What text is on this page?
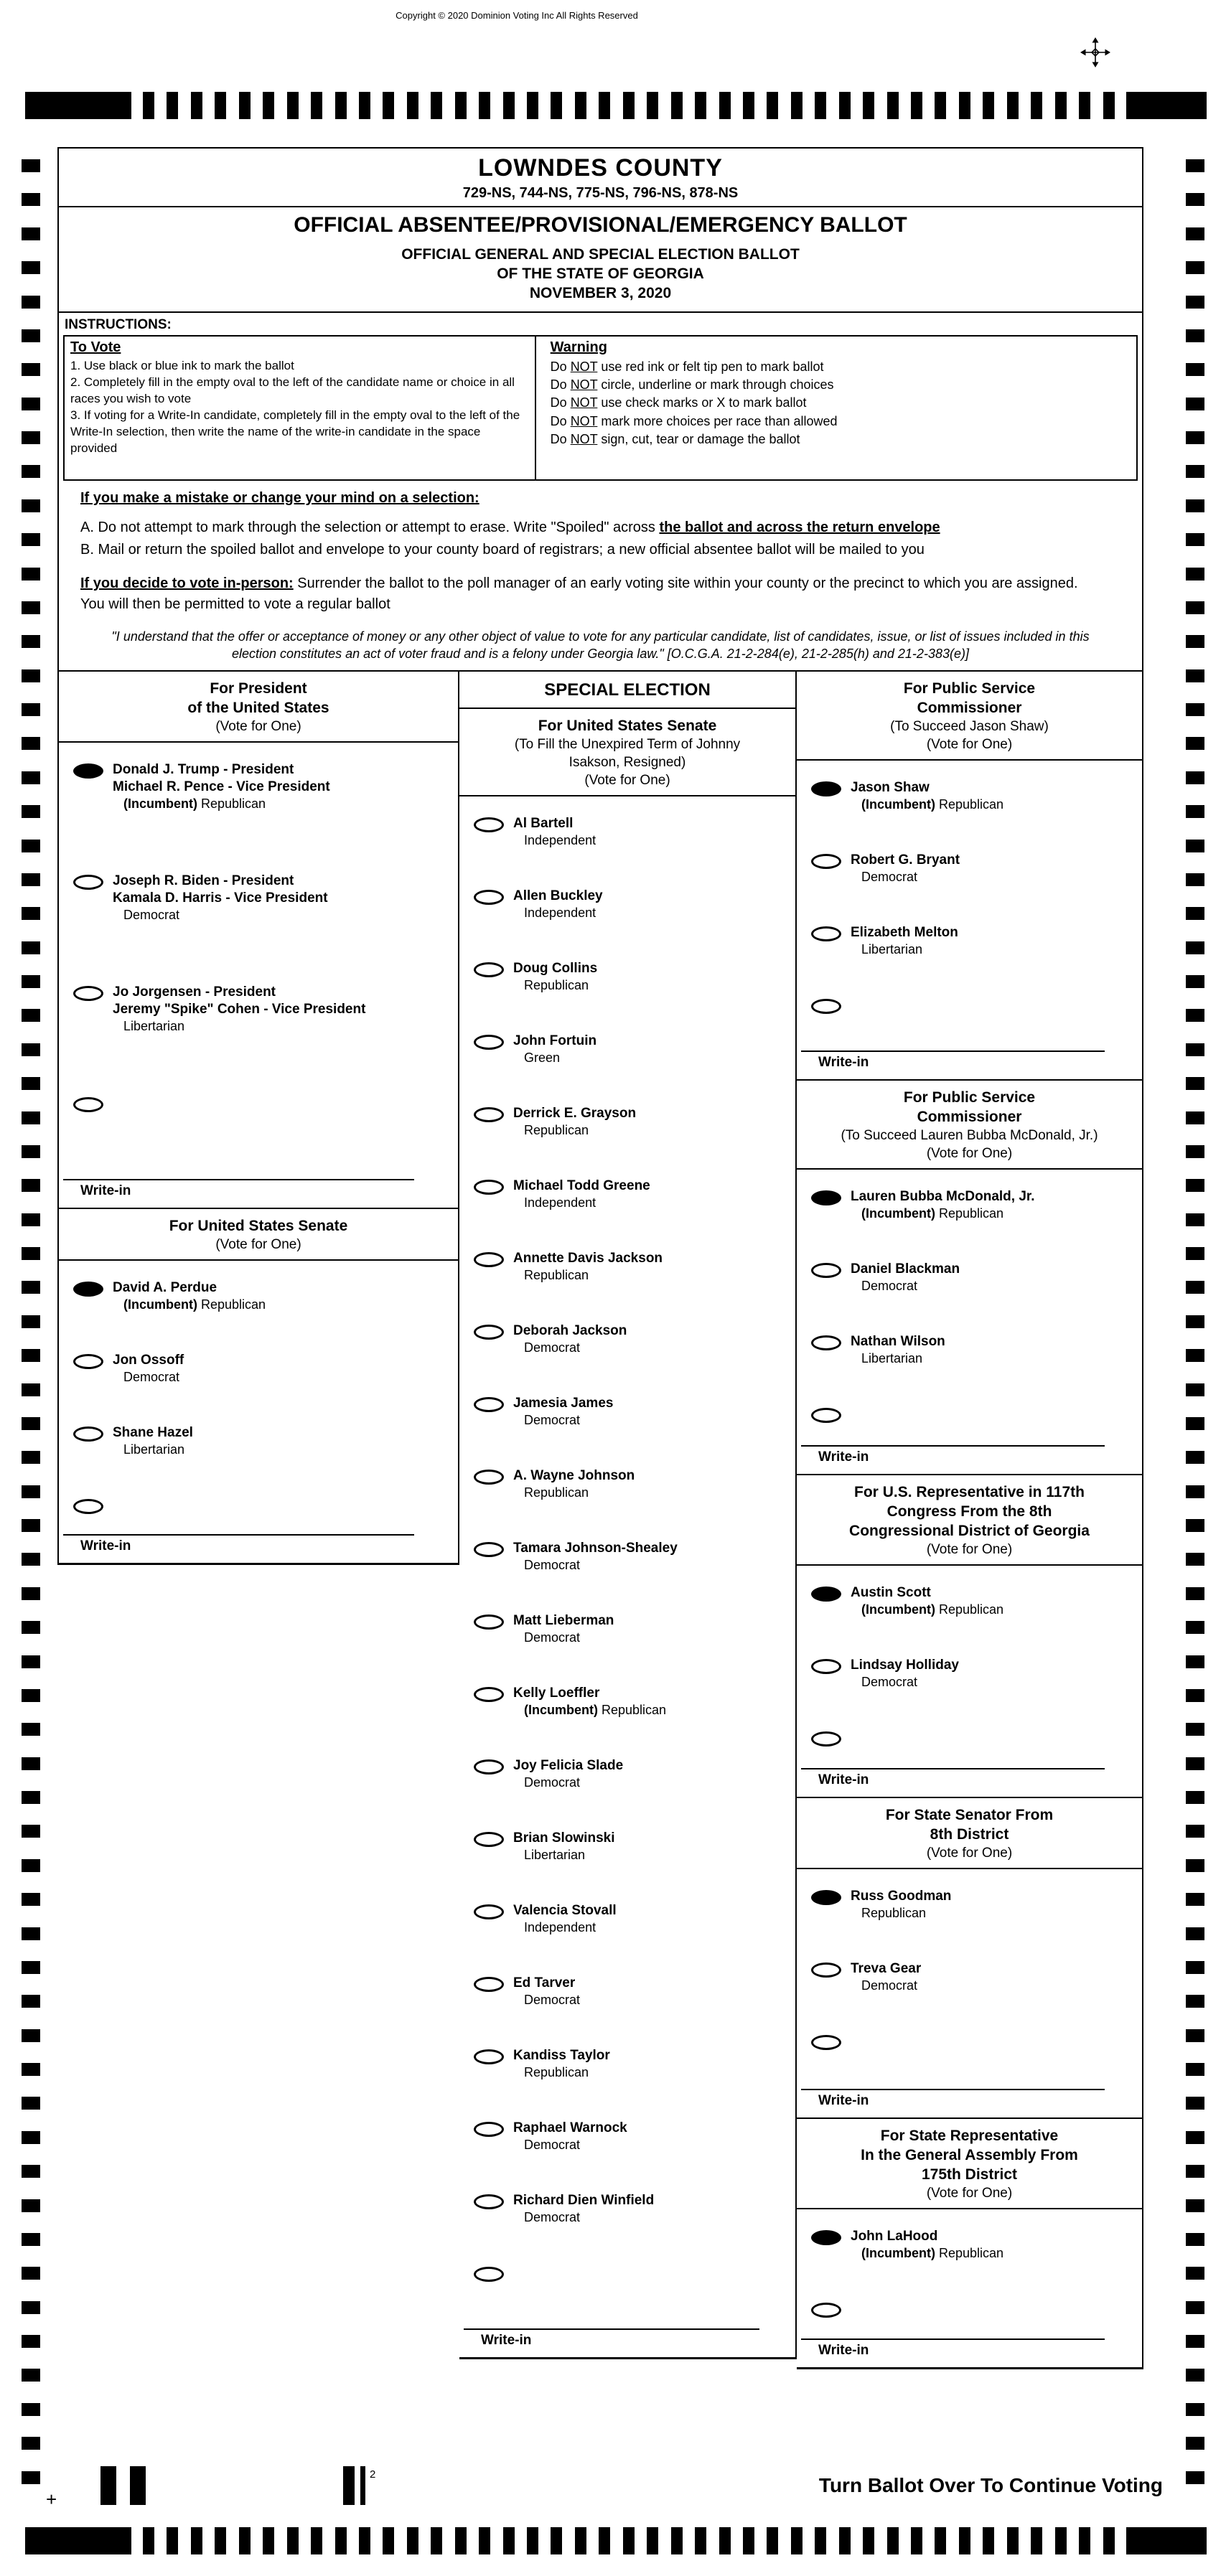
Copyright © 2020 Dominion Voting Inc All Rights Reserved
LOWNDES COUNTY
729-NS, 744-NS, 775-NS, 796-NS, 878-NS
OFFICIAL ABSENTEE/PROVISIONAL/EMERGENCY BALLOT
OFFICIAL GENERAL AND SPECIAL ELECTION BALLOT
OF THE STATE OF GEORGIA
NOVEMBER 3, 2020
INSTRUCTIONS:
To Vote
1. Use black or blue ink to mark the ballot
2. Completely fill in the empty oval to the left of the candidate name or choice in all races you wish to vote
3. If voting for a Write-In candidate, completely fill in the empty oval to the left of the Write-In selection, then write the name of the write-in candidate in the space provided
Warning
Do NOT use red ink or felt tip pen to mark ballot
Do NOT circle, underline or mark through choices
Do NOT use check marks or X to mark ballot
Do NOT mark more choices per race than allowed
Do NOT sign, cut, tear or damage the ballot
If you make a mistake or change your mind on a selection:
A. Do not attempt to mark through the selection or attempt to erase. Write "Spoiled" across the ballot and across the return envelope
B. Mail or return the spoiled ballot and envelope to your county board of registrars; a new official absentee ballot will be mailed to you
If you decide to vote in-person: Surrender the ballot to the poll manager of an early voting site within your county or the precinct to which you are assigned. You will then be permitted to vote a regular ballot
"I understand that the offer or acceptance of money or any other object of value to vote for any particular candidate, list of candidates, issue, or list of issues included in this election constitutes an act of voter fraud and is a felony under Georgia law." [O.C.G.A. 21-2-284(e), 21-2-285(h) and 21-2-383(e)]
For President
of the United States
(Vote for One)
Donald J. Trump - President
Michael R. Pence - Vice President
(Incumbent) Republican
Joseph R. Biden - President
Kamala D. Harris - Vice President
Democrat
Jo Jorgensen - President
Jeremy "Spike" Cohen - Vice President
Libertarian
Write-in
For United States Senate
(Vote for One)
David A. Perdue
(Incumbent) Republican
Jon Ossoff
Democrat
Shane Hazel
Libertarian
Write-in
SPECIAL ELECTION
For United States Senate
(To Fill the Unexpired Term of Johnny
Isakson, Resigned)
(Vote for One)
Al Bartell
Independent
Allen Buckley
Independent
Doug Collins
Republican
John Fortuin
Green
Derrick E. Grayson
Republican
Michael Todd Greene
Independent
Annette Davis Jackson
Republican
Deborah Jackson
Democrat
Jamesia James
Democrat
A. Wayne Johnson
Republican
Tamara Johnson-Shealey
Democrat
Matt Lieberman
Democrat
Kelly Loeffler
(Incumbent) Republican
Joy Felicia Slade
Democrat
Brian Slowinski
Libertarian
Valencia Stovall
Independent
Ed Tarver
Democrat
Kandiss Taylor
Republican
Raphael Warnock
Democrat
Richard Dien Winfield
Democrat
Write-in
For Public Service
Commissioner
(To Succeed Jason Shaw)
(Vote for One)
Jason Shaw
(Incumbent) Republican
Robert G. Bryant
Democrat
Elizabeth Melton
Libertarian
Write-in
For Public Service
Commissioner
(To Succeed Lauren Bubba McDonald, Jr.)
(Vote for One)
Lauren Bubba McDonald, Jr.
(Incumbent) Republican
Daniel Blackman
Democrat
Nathan Wilson
Libertarian
Write-in
For U.S. Representative in 117th
Congress From the 8th
Congressional District of Georgia
(Vote for One)
Austin Scott
(Incumbent) Republican
Lindsay Holliday
Democrat
Write-in
For State Senator From
8th District
(Vote for One)
Russ Goodman
Republican
Treva Gear
Democrat
Write-in
For State Representative
In the General Assembly From
175th District
(Vote for One)
John LaHood
(Incumbent) Republican
Write-in
Turn Ballot Over To Continue Voting
+
2
